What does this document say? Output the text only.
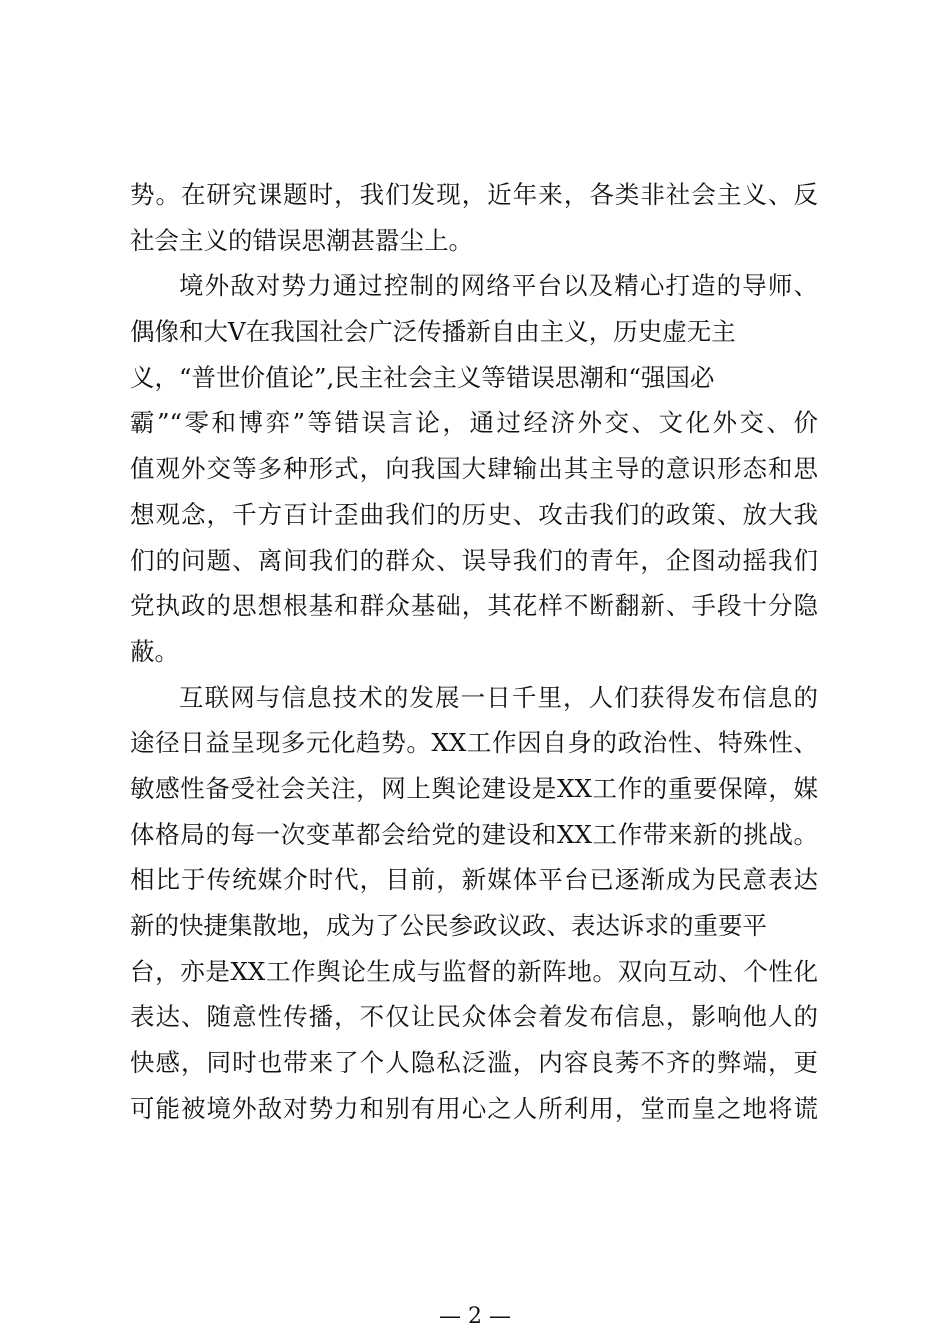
势。在研究课题时，我们发现，近年来，各类非社会主义、反
社会主义的错误思潮甚嚣尘上。
境外敌对势力通过控制的网络平台以及精心打造的导师、
偶像和大V在我国社会广泛传播新自由主义，历史虚无主
义，“普世价值论”,民主社会主义等错误思潮和“强国必
霸”“零和博弈”等错误言论，通过经济外交、文化外交、价
值观外交等多种形式，向我国大肆输出其主导的意识形态和思
想观念，千方百计歪曲我们的历史、攻击我们的政策、放大我
们的问题、离间我们的群众、误导我们的青年，企图动摇我们
党执政的思想根基和群众基础，其花样不断翻新、手段十分隐
蔽。
互联网与信息技术的发展一日千里，人们获得发布信息的
途径日益呈现多元化趋势。XX工作因自身的政治性、特殊性、
敏感性备受社会关注，网上舆论建设是XX工作的重要保障，媒
体格局的每一次变革都会给党的建设和XX工作带来新的挑战。
相比于传统媒介时代，目前，新媒体平台已逐渐成为民意表达
新的快捷集散地，成为了公民参政议政、表达诉求的重要平
台，亦是XX工作舆论生成与监督的新阵地。双向互动、个性化
表达、随意性传播，不仅让民众体会着发布信息，影响他人的
快感，同时也带来了个人隐私泛滥，内容良莠不齐的弊端，更
可能被境外敌对势力和别有用心之人所利用，堂而皇之地将谎
— 2 —
